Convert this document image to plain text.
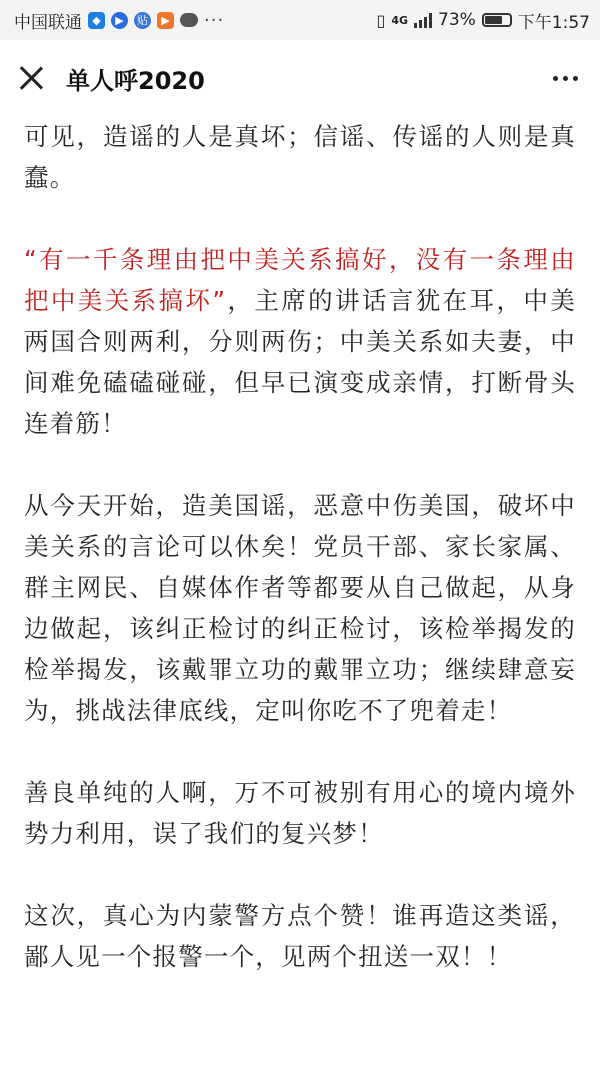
中国联通 ◆	▶	贴	▶ ···	▯ 4G 73% 下午1:57
单人呼2020

可见，造谣的人是真坏；信谣、传谣的人则是真蠢。

“有一千条理由把中美关系搞好，没有一条理由把中美关系搞坏”，主席的讲话言犹在耳，中美两国合则两利，分则两伤；中美关系如夫妻，中间难免磕磕碰碰，但早已演变成亲情，打断骨头连着筋！

从今天开始，造美国谣，恶意中伤美国，破坏中美关系的言论可以休矣！党员干部、家长家属、群主网民、自媒体作者等都要从自己做起，从身边做起，该纠正检讨的纠正检讨，该检举揭发的检举揭发，该戴罪立功的戴罪立功；继续肆意妄为，挑战法律底线，定叫你吃不了兜着走！

善良单纯的人啊，万不可被别有用心的境内境外势力利用，误了我们的复兴梦！

这次，真心为内蒙警方点个赞！谁再造这类谣，鄙人见一个报警一个，见两个扭送一双！！
